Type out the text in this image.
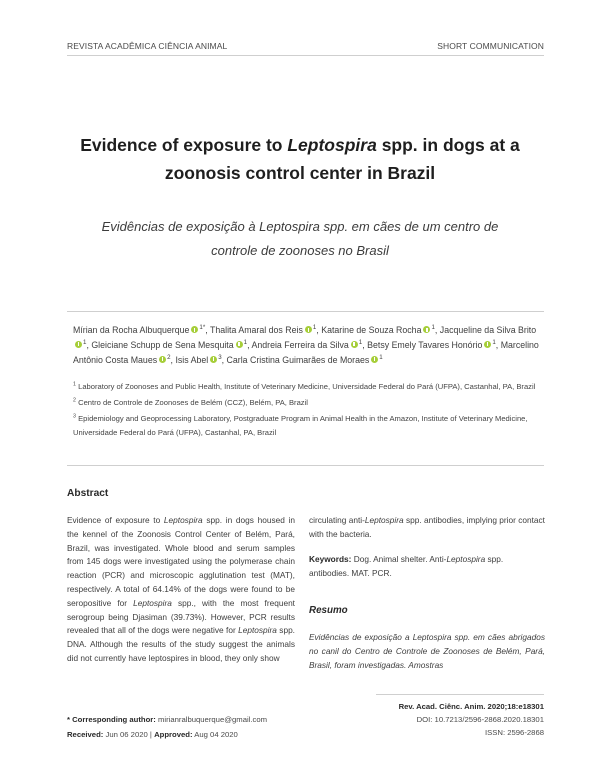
REVISTA ACADÊMICA CIÊNCIA ANIMAL	SHORT COMMUNICATION
Evidence of exposure to Leptospira spp. in dogs at a
zoonosis control center in Brazil
Evidências de exposição à Leptospira spp. em cães de um centro de
controle de zoonoses no Brasil
Mírian da Rocha Albuquerque $^{1*}$, Thalita Amaral dos Reis $^1$, Katarine de Souza Rocha $^1$, Jacqueline da Silva Brito$^1$, Gleiciane Schupp de Sena Mesquita $^1$, Andreia Ferreira da Silva $^1$, Betsy Emely Tavares Honório $^1$, Marcelino Antônio Costa Maues $^2$, Isis Abel $^3$, Carla Cristina Guimarães de Moraes $^1$
$^1$ Laboratory of Zoonoses and Public Health, Institute of Veterinary Medicine, Universidade Federal do Pará (UFPA), Castanhal, PA, Brazil
$^2$ Centro de Controle de Zoonoses de Belém (CCZ), Belém, PA, Brazil
$^3$ Epidemiology and Geoprocessing Laboratory, Postgraduate Program in Animal Health in the Amazon, Institute of Veterinary Medicine, Universidade Federal do Pará (UFPA), Castanhal, PA, Brazil
Abstract
Evidence of exposure to Leptospira spp. in dogs housed in the kennel of the Zoonosis Control Center of Belém, Pará, Brazil, was investigated. Whole blood and serum samples from 145 dogs were investigated using the polymerase chain reaction (PCR) and microscopic agglutination test (MAT), respectively. A total of 64.14% of the dogs were found to be seropositive for Leptospira spp., with the most frequent serogroup being Djasiman (39.73%). However, PCR results revealed that all of the dogs were negative for Leptospira spp. DNA. Although the results of the study suggest the animals did not currently have leptospires in blood, they only show
circulating anti-Leptospira spp. antibodies, implying prior contact with the bacteria.
Keywords: Dog. Animal shelter. Anti-Leptospira spp. antibodies. MAT. PCR.
Resumo
Evidências de exposição a Leptospira spp. em cães abrigados no canil do Centro de Controle de Zoonoses de Belém, Pará, Brasil, foram investigadas. Amostras
* Corresponding author: mirianralbuquerque@gmail.com
Received: Jun 06 2020 | Approved: Aug 04 2020
Rev. Acad. Ciênc. Anim. 2020;18:e18301
DOI: 10.7213/2596-2868.2020.18301
ISSN: 2596-2868
